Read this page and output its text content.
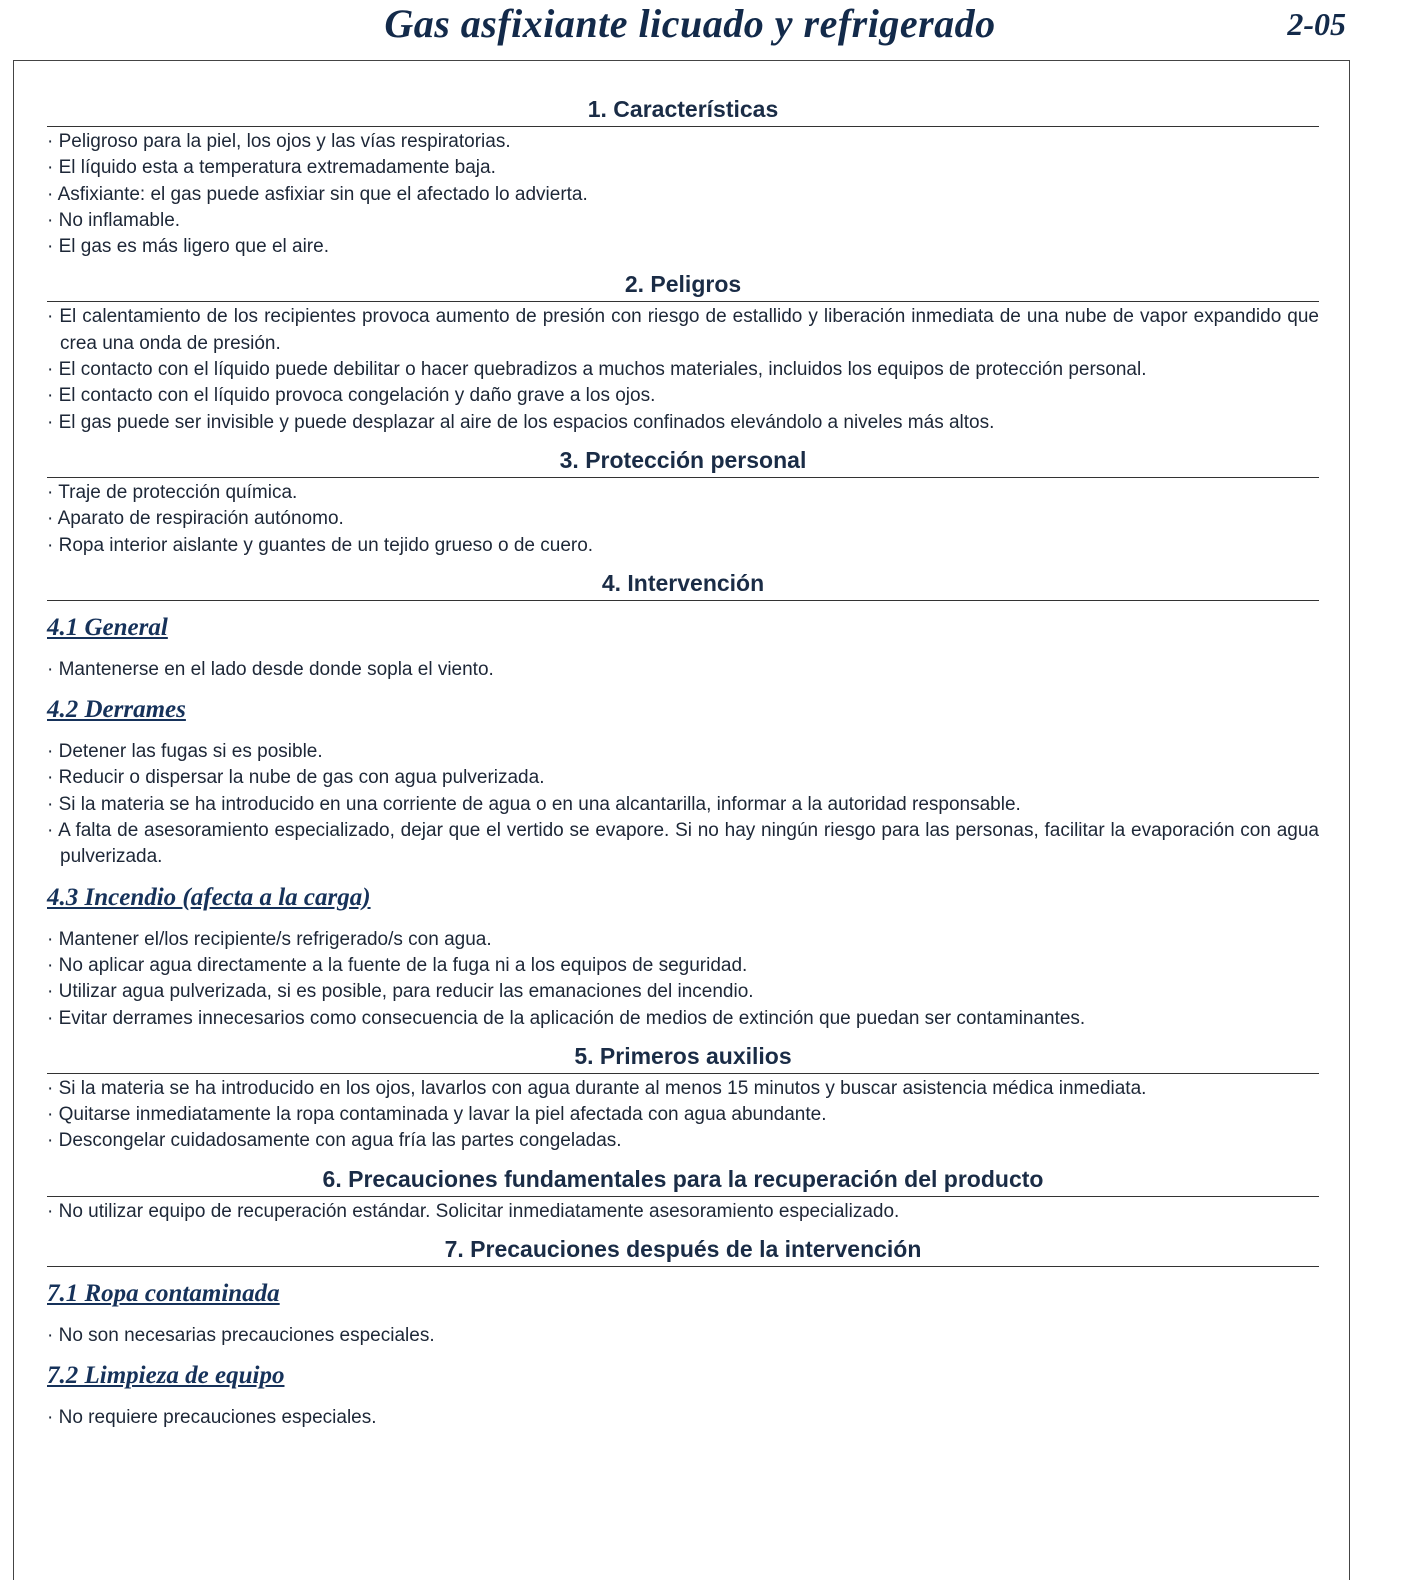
Gas asfixiante licuado y refrigerado	2-05
1. Características
· Peligroso para la piel, los ojos y las vías respiratorias.
· El líquido esta a temperatura extremadamente baja.
· Asfixiante: el gas puede asfixiar sin que el afectado lo advierta.
· No inflamable.
· El gas es más ligero que el aire.
2. Peligros
· El calentamiento de los recipientes provoca aumento de presión con riesgo de estallido y liberación inmediata de una nube de vapor expandido que crea una onda de presión.
· El contacto con el líquido puede debilitar o hacer quebradizos a muchos materiales, incluidos los equipos de protección personal.
· El contacto con el líquido provoca congelación y daño grave a los ojos.
· El gas puede ser invisible y puede desplazar al aire de los espacios confinados elevándolo a niveles más altos.
3. Protección personal
· Traje de protección química.
· Aparato de respiración autónomo.
· Ropa interior aislante y guantes de un tejido grueso o de cuero.
4. Intervención
4.1 General
· Mantenerse en el lado desde donde sopla el viento.
4.2 Derrames
· Detener las fugas si es posible.
· Reducir o dispersar la nube de gas con agua pulverizada.
· Si la materia se ha introducido en una corriente de agua o en una alcantarilla, informar a la autoridad responsable.
· A falta de asesoramiento especializado, dejar que el vertido se evapore. Si no hay ningún riesgo para las personas, facilitar la evaporación con agua pulverizada.
4.3 Incendio (afecta a la carga)
· Mantener el/los recipiente/s refrigerado/s con agua.
· No aplicar agua directamente a la fuente de la fuga ni a los equipos de seguridad.
· Utilizar agua pulverizada, si es posible, para reducir las emanaciones del incendio.
· Evitar derrames innecesarios como consecuencia de la aplicación de medios de extinción que puedan ser contaminantes.
5. Primeros auxilios
· Si la materia se ha introducido en los ojos, lavarlos con agua durante al menos 15 minutos y buscar asistencia médica inmediata.
· Quitarse inmediatamente la ropa contaminada y lavar la piel afectada con agua abundante.
· Descongelar cuidadosamente con agua fría las partes congeladas.
6. Precauciones fundamentales para la recuperación del producto
· No utilizar equipo de recuperación estándar. Solicitar inmediatamente asesoramiento especializado.
7. Precauciones después de la intervención
7.1 Ropa contaminada
· No son necesarias precauciones especiales.
7.2 Limpieza de equipo
· No requiere precauciones especiales.
